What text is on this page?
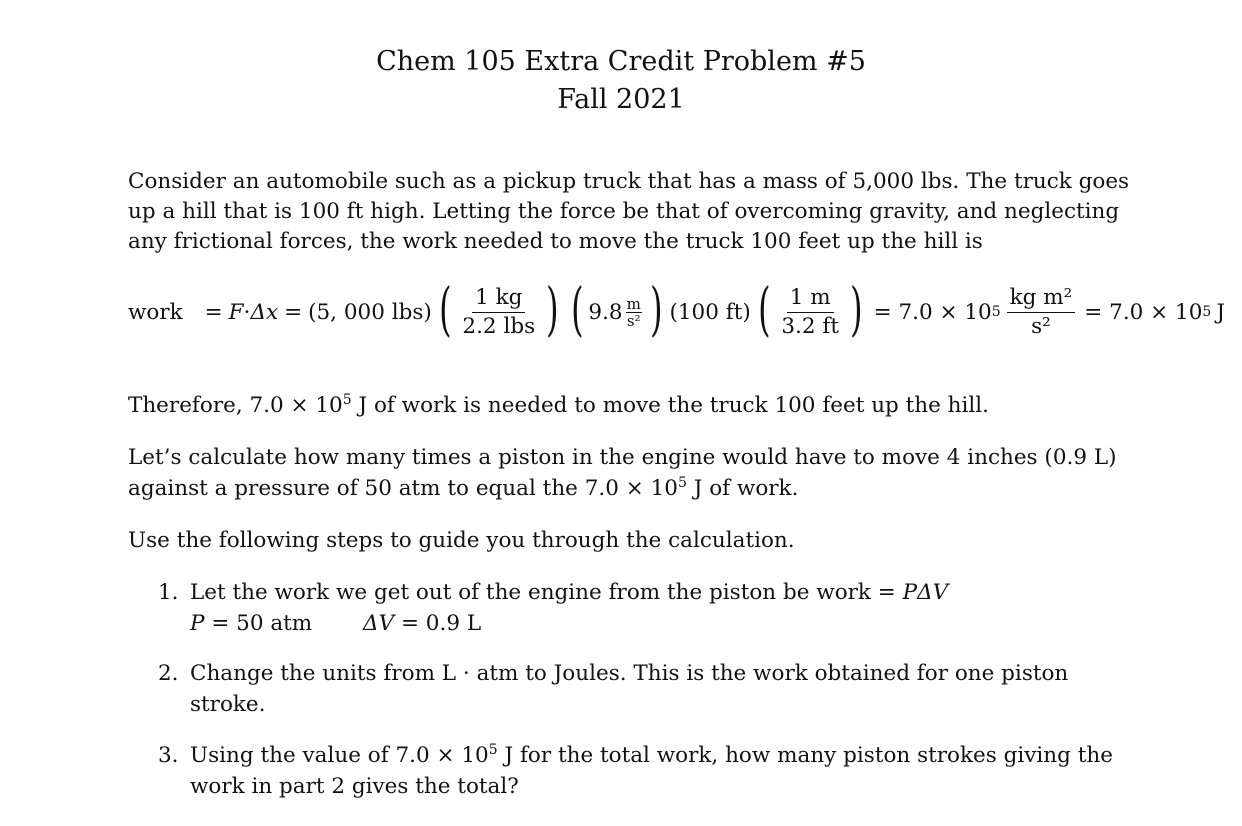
Chem 105 Extra Credit Problem #5
Fall 2021
Consider an automobile such as a pickup truck that has a mass of 5,000 lbs. The truck goes
up a hill that is 100 ft high. Letting the force be that of overcoming gravity, and neglecting
any frictional forces, the work needed to move the truck 100 feet up the hill is
work = F · Δx = (5, 000 lbs) ( $\frac{1 kg}{\text{2.2 lbs}}$ ) ( $9.8 \frac{m}{\text{s²}}$ ) (100 ft) ( $\frac{1 m}{3.2 ft}$ ) = 7.0 × 10 $5 \frac{\text{kg m²}}{\text{s²}} = 7.0 \times 10$ 5 J
Therefore, $7.0 \times 10^5$ J of work is needed to move the truck 100 feet up the hill.
Let’s calculate how many times a piston in the engine would have to move 4 inches (0.9 L)
against a pressure of 50 atm to equal the $7.0 \times 10^5$ J of work.
Use the following steps to guide you through the calculation.
1. Let the work we get out of the engine from the piston be work = PΔV
P = 50 atm ΔV = 0.9 L
2. Change the units from L · atm to Joules. This is the work obtained for one piston
stroke.
3. Using the value of $7.0 \times 10^5$ J for the total work, how many piston strokes giving the
work in part 2 gives the total?
